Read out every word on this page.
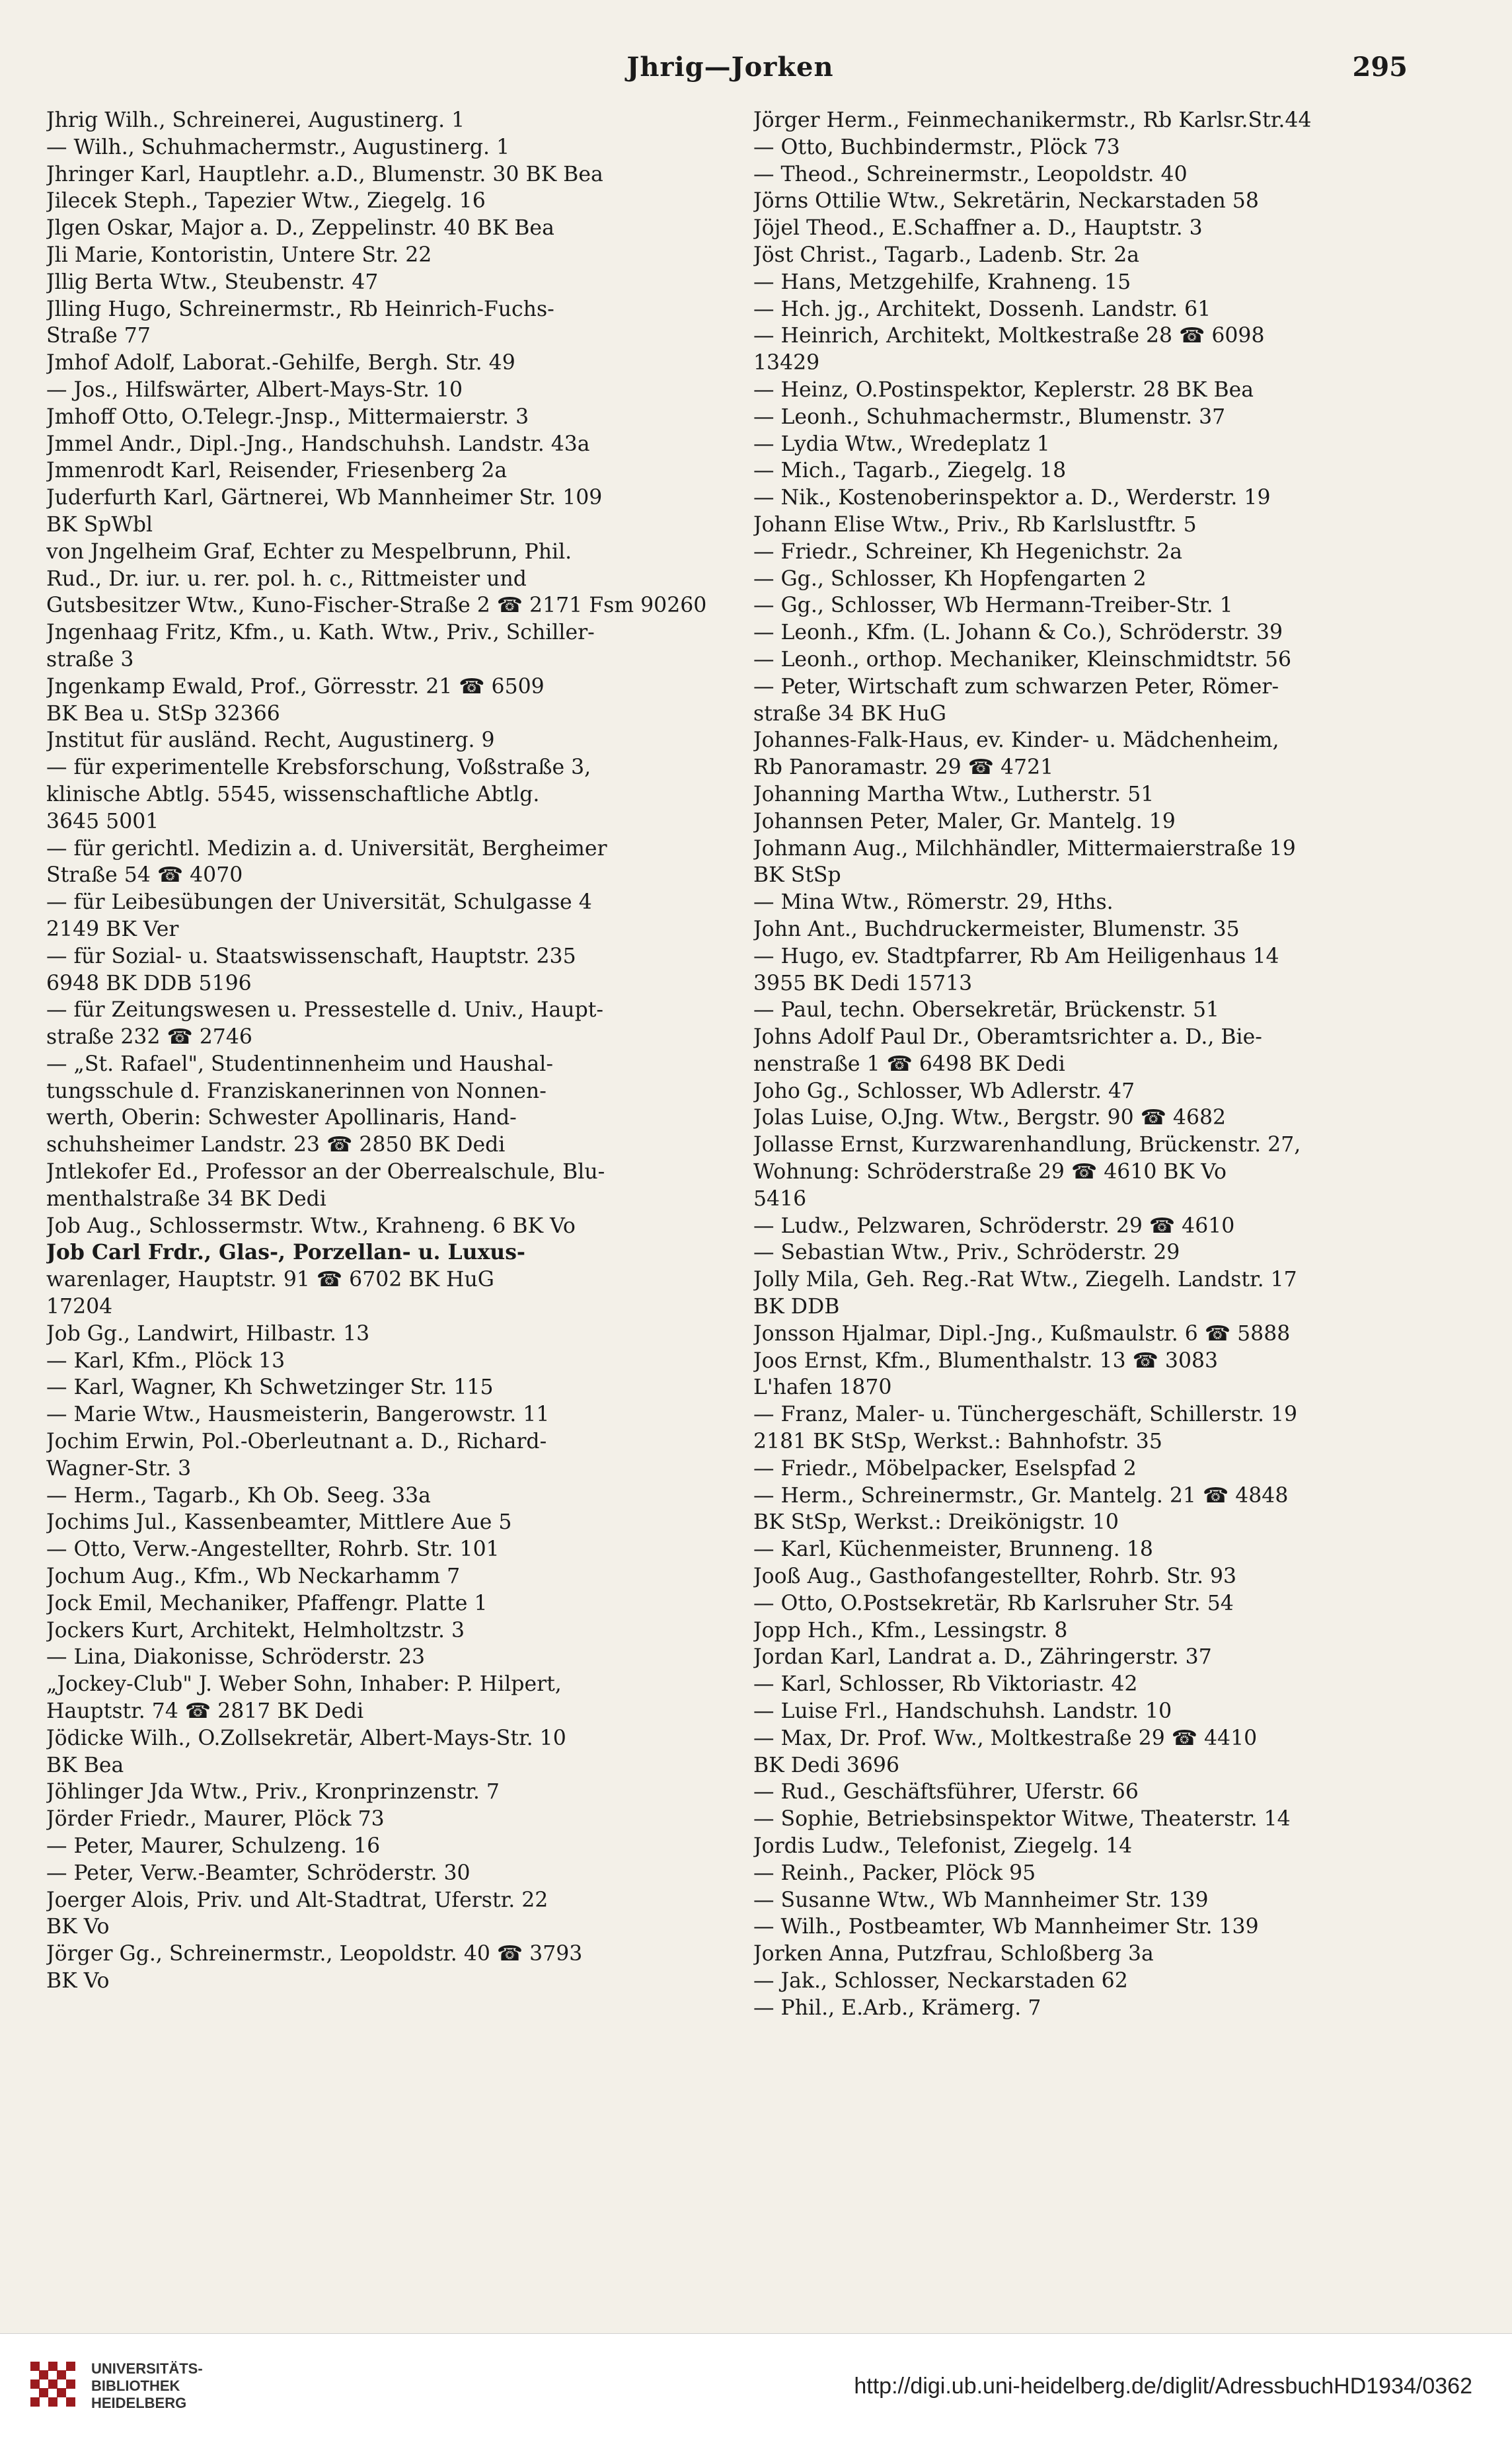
Jhrig—Jorken	295
Jhrig Wilh., Schreinerei, Augustinerg. 1
— Wilh., Schuhmachermstr., Augustinerg. 1
Jhringer Karl, Hauptlehr. a.D., Blumenstr. 30 BK Bea
Jilecek Steph., Tapezier Wtw., Ziegelg. 16
Jlgen Oskar, Major a. D., Zeppelinstr. 40 BK Bea
Jli Marie, Kontoristin, Untere Str. 22
Jllig Berta Wtw., Steubenstr. 47
Jlling Hugo, Schreinermstr., Rb Heinrich-Fuchs-
Straße 77
Jmhof Adolf, Laborat.-Gehilfe, Bergh. Str. 49
— Jos., Hilfswärter, Albert-Mays-Str. 10
Jmhoff Otto, O.Telegr.-Jnsp., Mittermaierstr. 3
Jmmel Andr., Dipl.-Jng., Handschuhsh. Landstr. 43a
Jmmenrodt Karl, Reisender, Friesenberg 2a
Juderfurth Karl, Gärtnerei, Wb Mannheimer Str. 109
BK SpWbl
von Jngelheim Graf, Echter zu Mespelbrunn, Phil.
Rud., Dr. iur. u. rer. pol. h. c., Rittmeister und
Gutsbesitzer Wtw., Kuno-Fischer-Straße 2 ☎ 2171 Fsm 90260
Jngenhaag Fritz, Kfm., u. Kath. Wtw., Priv., Schiller-
straße 3
Jngenkamp Ewald, Prof., Görresstr. 21 ☎ 6509
BK Bea u. StSp 32366
Jnstitut für ausländ. Recht, Augustinerg. 9
— für experimentelle Krebsforschung, Voßstraße 3,
klinische Abtlg. 5545, wissenschaftliche Abtlg.
3645 5001
— für gerichtl. Medizin a. d. Universität, Bergheimer
Straße 54 ☎ 4070
— für Leibesübungen der Universität, Schulgasse 4
2149 BK Ver
— für Sozial- u. Staatswissenschaft, Hauptstr. 235
6948 BK DDB 5196
— für Zeitungswesen u. Pressestelle d. Univ., Haupt-
straße 232 ☎ 2746
— „St. Rafael", Studentinnenheim und Haushal-
tungsschule d. Franziskanerinnen von Nonnen-
werth, Oberin: Schwester Apollinaris, Hand-
schuhsheimer Landstr. 23 ☎ 2850 BK Dedi
Jntlekofer Ed., Professor an der Oberrealschule, Blu-
menthalstraße 34 BK Dedi
Job Aug., Schlossermstr. Wtw., Krahneng. 6 BK Vo
Job Carl Frdr., Glas-, Porzellan- u. Luxus-
warenlager, Hauptstr. 91 ☎ 6702 BK HuG
17204
Job Gg., Landwirt, Hilbastr. 13
— Karl, Kfm., Plöck 13
— Karl, Wagner, Kh Schwetzinger Str. 115
— Marie Wtw., Hausmeisterin, Bangerowstr. 11
Jochim Erwin, Pol.-Oberleutnant a. D., Richard-
Wagner-Str. 3
— Herm., Tagarb., Kh Ob. Seeg. 33a
Jochims Jul., Kassenbeamter, Mittlere Aue 5
— Otto, Verw.-Angestellter, Rohrb. Str. 101
Jochum Aug., Kfm., Wb Neckarhamm 7
Jock Emil, Mechaniker, Pfaffengr. Platte 1
Jockers Kurt, Architekt, Helmholtzstr. 3
— Lina, Diakonisse, Schröderstr. 23
„Jockey-Club" J. Weber Sohn, Inhaber: P. Hilpert,
Hauptstr. 74 ☎ 2817 BK Dedi
Jödicke Wilh., O.Zollsekretär, Albert-Mays-Str. 10
BK Bea
Jöhlinger Jda Wtw., Priv., Kronprinzenstr. 7
Jörder Friedr., Maurer, Plöck 73
— Peter, Maurer, Schulzeng. 16
— Peter, Verw.-Beamter, Schröderstr. 30
Joerger Alois, Priv. und Alt-Stadtrat, Uferstr. 22
BK Vo
Jörger Gg., Schreinermstr., Leopoldstr. 40 ☎ 3793
BK Vo
Jörger Herm., Feinmechanikermstr., Rb Karlsr.Str.44
— Otto, Buchbindermstr., Plöck 73
— Theod., Schreinermstr., Leopoldstr. 40
Jörns Ottilie Wtw., Sekretärin, Neckarstaden 58
Jöjel Theod., E.Schaffner a. D., Hauptstr. 3
Jöst Christ., Tagarb., Ladenb. Str. 2a
— Hans, Metzgehilfe, Krahneng. 15
— Hch. jg., Architekt, Dossenh. Landstr. 61
— Heinrich, Architekt, Moltkestraße 28 ☎ 6098
13429
— Heinz, O.Postinspektor, Keplerstr. 28 BK Bea
— Leonh., Schuhmachermstr., Blumenstr. 37
— Lydia Wtw., Wredeplatz 1
— Mich., Tagarb., Ziegelg. 18
— Nik., Kostenoberinspektor a. D., Werderstr. 19
Johann Elise Wtw., Priv., Rb Karlslustftr. 5
— Friedr., Schreiner, Kh Hegenichstr. 2a
— Gg., Schlosser, Kh Hopfengarten 2
— Gg., Schlosser, Wb Hermann-Treiber-Str. 1
— Leonh., Kfm. (L. Johann & Co.), Schröderstr. 39
— Leonh., orthop. Mechaniker, Kleinschmidtstr. 56
— Peter, Wirtschaft zum schwarzen Peter, Römer-
straße 34 BK HuG
Johannes-Falk-Haus, ev. Kinder- u. Mädchenheim,
Rb Panoramastr. 29 ☎ 4721
Johanning Martha Wtw., Lutherstr. 51
Johannsen Peter, Maler, Gr. Mantelg. 19
Johmann Aug., Milchhändler, Mittermaierstraße 19
BK StSp
— Mina Wtw., Römerstr. 29, Hths.
John Ant., Buchdruckermeister, Blumenstr. 35
— Hugo, ev. Stadtpfarrer, Rb Am Heiligenhaus 14
3955 BK Dedi 15713
— Paul, techn. Obersekretär, Brückenstr. 51
Johns Adolf Paul Dr., Oberamtsrichter a. D., Bie-
nenstraße 1 ☎ 6498 BK Dedi
Joho Gg., Schlosser, Wb Adlerstr. 47
Jolas Luise, O.Jng. Wtw., Bergstr. 90 ☎ 4682
Jollasse Ernst, Kurzwarenhandlung, Brückenstr. 27,
Wohnung: Schröderstraße 29 ☎ 4610 BK Vo
5416
— Ludw., Pelzwaren, Schröderstr. 29 ☎ 4610
— Sebastian Wtw., Priv., Schröderstr. 29
Jolly Mila, Geh. Reg.-Rat Wtw., Ziegelh. Landstr. 17
BK DDB
Jonsson Hjalmar, Dipl.-Jng., Kußmaulstr. 6 ☎ 5888
Joos Ernst, Kfm., Blumenthalstr. 13 ☎ 3083
L'hafen 1870
— Franz, Maler- u. Tünchergeschäft, Schillerstr. 19
2181 BK StSp, Werkst.: Bahnhofstr. 35
— Friedr., Möbelpacker, Eselspfad 2
— Herm., Schreinermstr., Gr. Mantelg. 21 ☎ 4848
BK StSp, Werkst.: Dreikönigstr. 10
— Karl, Küchenmeister, Brunneng. 18
Jooß Aug., Gasthofangestellter, Rohrb. Str. 93
— Otto, O.Postsekretär, Rb Karlsruher Str. 54
Jopp Hch., Kfm., Lessingstr. 8
Jordan Karl, Landrat a. D., Zähringerstr. 37
— Karl, Schlosser, Rb Viktoriastr. 42
— Luise Frl., Handschuhsh. Landstr. 10
— Max, Dr. Prof. Ww., Moltkestraße 29 ☎ 4410
BK Dedi 3696
— Rud., Geschäftsführer, Uferstr. 66
— Sophie, Betriebsinspektor Witwe, Theaterstr. 14
Jordis Ludw., Telefonist, Ziegelg. 14
— Reinh., Packer, Plöck 95
— Susanne Wtw., Wb Mannheimer Str. 139
— Wilh., Postbeamter, Wb Mannheimer Str. 139
Jorken Anna, Putzfrau, Schloßberg 3a
— Jak., Schlosser, Neckarstaden 62
— Phil., E.Arb., Krämerg. 7
UNIVERSITÄTS-
BIBLIOTHEK
HEIDELBERG
http://digi.ub.uni-heidelberg.de/diglit/AdressbuchHD1934/0362
